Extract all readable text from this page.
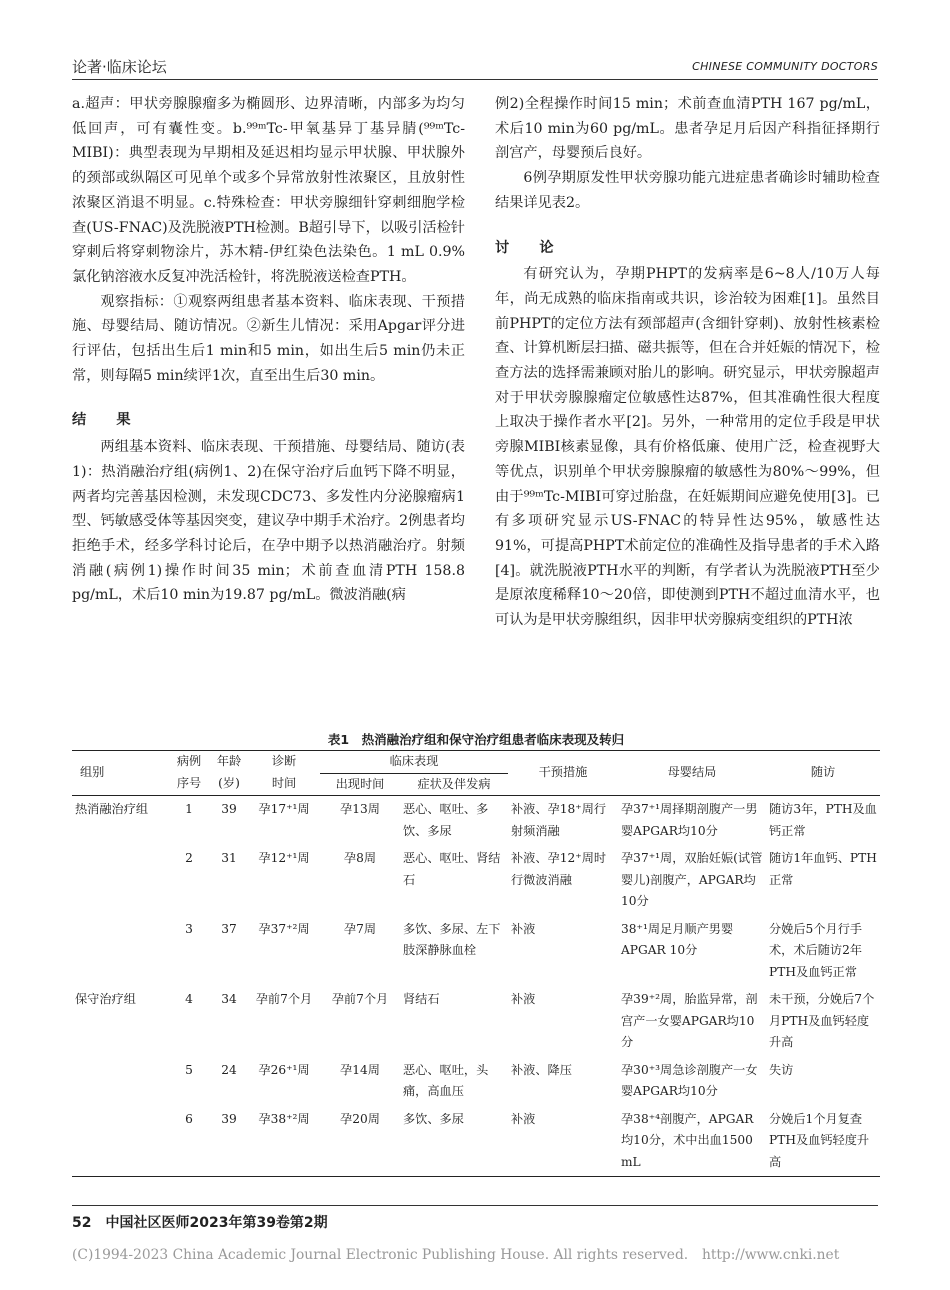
论著·临床论坛	CHINESE COMMUNITY DOCTORS

a.超声：甲状旁腺腺瘤多为椭圆形、边界清晰，内部多为均匀低回声，可有囊性变。b.⁹⁹ᵐTc-甲氧基异丁基异腈(⁹⁹ᵐTc-MIBI)：典型表现为早期相及延迟相均显示甲状腺、甲状腺外的颈部或纵隔区可见单个或多个异常放射性浓聚区，且放射性浓聚区消退不明显。c.特殊检查：甲状旁腺细针穿刺细胞学检查(US-FNAC)及洗脱液PTH检测。B超引导下，以吸引活检针穿刺后将穿刺物涂片，苏木精-伊红染色法染色。1 mL 0.9%氯化钠溶液水反复冲洗活检针，将洗脱液送检查PTH。

观察指标：①观察两组患者基本资料、临床表现、干预措施、母婴结局、随访情况。②新生儿情况：采用Apgar评分进行评估，包括出生后1 min和5 min，如出生后5 min仍未正常，则每隔5 min续评1次，直至出生后30 min。

结　果

两组基本资料、临床表现、干预措施、母婴结局、随访(表1)：热消融治疗组(病例1、2)在保守治疗后血钙下降不明显，两者均完善基因检测，未发现CDC73、多发性内分泌腺瘤病1型、钙敏感受体等基因突变，建议孕中期手术治疗。2例患者均拒绝手术，经多学科讨论后，在孕中期予以热消融治疗。射频消融(病例1)操作时间35 min；术前查血清PTH 158.8 pg/mL，术后10 min为19.87 pg/mL。微波消融(病

例2)全程操作时间15 min；术前查血清PTH 167 pg/mL，术后10 min为60 pg/mL。患者孕足月后因产科指征择期行剖宫产，母婴预后良好。

6例孕期原发性甲状旁腺功能亢进症患者确诊时辅助检查结果详见表2。

讨　论

有研究认为，孕期PHPT的发病率是6~8人/10万人每年，尚无成熟的临床指南或共识，诊治较为困难[1]。虽然目前PHPT的定位方法有颈部超声(含细针穿刺)、放射性核素检查、计算机断层扫描、磁共振等，但在合并妊娠的情况下，检查方法的选择需兼顾对胎儿的影响。研究显示，甲状旁腺超声对于甲状旁腺腺瘤定位敏感性达87%，但其准确性很大程度上取决于操作者水平[2]。另外，一种常用的定位手段是甲状旁腺MIBI核素显像，具有价格低廉、使用广泛，检查视野大等优点，识别单个甲状旁腺腺瘤的敏感性为80%～99%，但由于⁹⁹ᵐTc-MIBI可穿过胎盘，在妊娠期间应避免使用[3]。已有多项研究显示US-FNAC的特异性达95%，敏感性达91%，可提高PHPT术前定位的准确性及指导患者的手术入路[4]。就洗脱液PTH水平的判断，有学者认为洗脱液PTH至少是原浓度稀释10～20倍，即使测到PTH不超过血清水平，也可认为是甲状旁腺组织，因非甲状旁腺病变组织的PTH浓

表1　热消融治疗组和保守治疗组患者临床表现及转归
组别	病例	年龄	诊断	临床表现		干预措施	母婴结局	随访
	序号	(岁)	时间	出现时间	症状及伴发病			
热消融治疗组	1	39	孕17⁺¹周	孕13周	恶心、呕吐、多饮、多尿	补液、孕18⁺周行射频消融	孕37⁺¹周择期剖腹产一男婴APGAR均10分	随访3年，PTH及血钙正常
	2	31	孕12⁺¹周	孕8周	恶心、呕吐、肾结石	补液、孕12⁺周时行微波消融	孕37⁺¹周，双胎妊娠(试管婴儿)剖腹产，APGAR均10分	随访1年血钙、PTH正常
	3	37	孕37⁺²周	孕7周	多饮、多尿、左下肢深静脉血栓	补液	38⁺¹周足月顺产男婴APGAR 10分	分娩后5个月行手术，术后随访2年PTH及血钙正常
保守治疗组	4	34	孕前7个月	孕前7个月	肾结石	补液	孕39⁺²周，胎监异常，剖宫产一女婴APGAR均10分	未干预，分娩后7个月PTH及血钙轻度升高
	5	24	孕26⁺¹周	孕14周	恶心、呕吐，头痛，高血压	补液、降压	孕30⁺³周急诊剖腹产一女婴APGAR均10分	失访
	6	39	孕38⁺²周	孕20周	多饮、多尿	补液	孕38⁺⁴剖腹产，APGAR均10分，术中出血1500 mL	分娩后1个月复查PTH及血钙轻度升高
52　中国社区医师2023年第39卷第2期
(C)1994-2023 China Academic Journal Electronic Publishing House. All rights reserved.　http://www.cnki.net
